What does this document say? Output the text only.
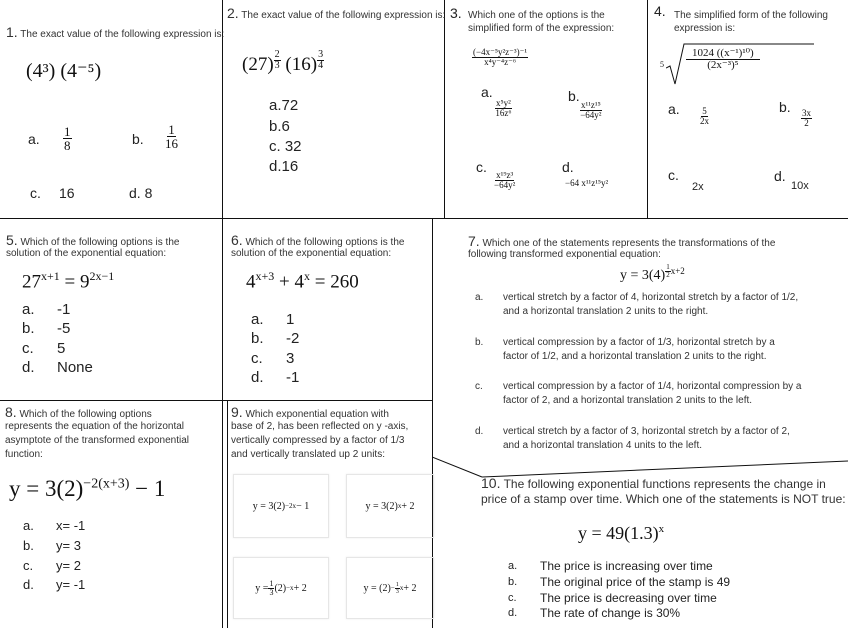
1. The exact value of the following expression is:
(4³) (4⁻⁵)
a. $\frac{1}{8}$	b. $\frac{1}{16}$
c. 16	d. 8
2. The exact value of the following expression is:
(27) $^{\frac{2}{3}}$ (16) $^{\frac{3}{4}}$
a.72
b.6
c. 32
d.16
3. Which one of the options is the
simplified form of the expression:
$\frac{\text{(−4x⁻⁵y²z⁻³)⁻¹}}{\text{x⁴y⁻⁴z⁻⁶}}$
a.
$\frac{\text{x⁵y²}}{\text{16z⁶}}$
b.
$\frac{\text{x¹¹z¹⁵}}{\text{−64y²}}$
c.
$\frac{\text{x¹⁹z³}}{\text{−64y²}}$
d.
−64 x¹¹z¹⁵y²
4. The simplified form of the following
expression is:
$5 \frac{\text{1024 ((x⁻¹)¹⁰)}}{\text{(2x⁻³)⁵}}$
a. $\frac{5}{2x}$	b.
$\frac{3x}{2}$
c.
2x
d.
10x
5. Which of the following options is the
solution of the exponential equation:
$27^{x+1} = 9^{2x-1}$
a. -1
b. -5
c. 5
d. None
6. Which of the following options is the
solution of the exponential equation:
$4^{x+3} + 4^x = 260$
a. 1
b. -2
c. 3
d. -1
7. Which one of the statements represents the transformations of the
following transformed exponential equation:
y = 3(4) $^{\frac{1}{2} x+2}$
a. vertical stretch by a factor of 4, horizontal stretch by a factor of 1/2,
and a horizontal translation 2 units to the right.
b. vertical compression by a factor of 1/3, horizontal stretch by a
factor of 1/2, and a horizontal translation 2 units to the right.
c. vertical compression by a factor of 1/4, horizontal compression by a
factor of 2, and a horizontal translation 2 units to the left.
d. vertical stretch by a factor of 3, horizontal stretch by a factor of 2,
and a horizontal translation 4 units to the left.
8. Which of the following options
represents the equation of the horizontal
asymptote of the transformed exponential
function:
$y = 3(2)^{-2(x+3)} - 1$
a. x= -1
b. y= 3
c. y= 2
d. y= -1
9. Which exponential equation with
base of 2, has been reflected on y -axis,
vertically compressed by a factor of 1/3
and vertically translated up 2 units:
y = 3(2) −2x − 1	y = 3(2) x + 2
$y = \frac{1}{3} (2) -x + 2$	$y = (2) - \frac{1}{3}$ x + 2
10. The following exponential functions represents the change in
price of a stamp over time. Which one of the statements is NOT true:
$y = 49(1.3)^x$
a. The price is increasing over time
b. The original price of the stamp is 49
c. The price is decreasing over time
d. The rate of change is 30%
